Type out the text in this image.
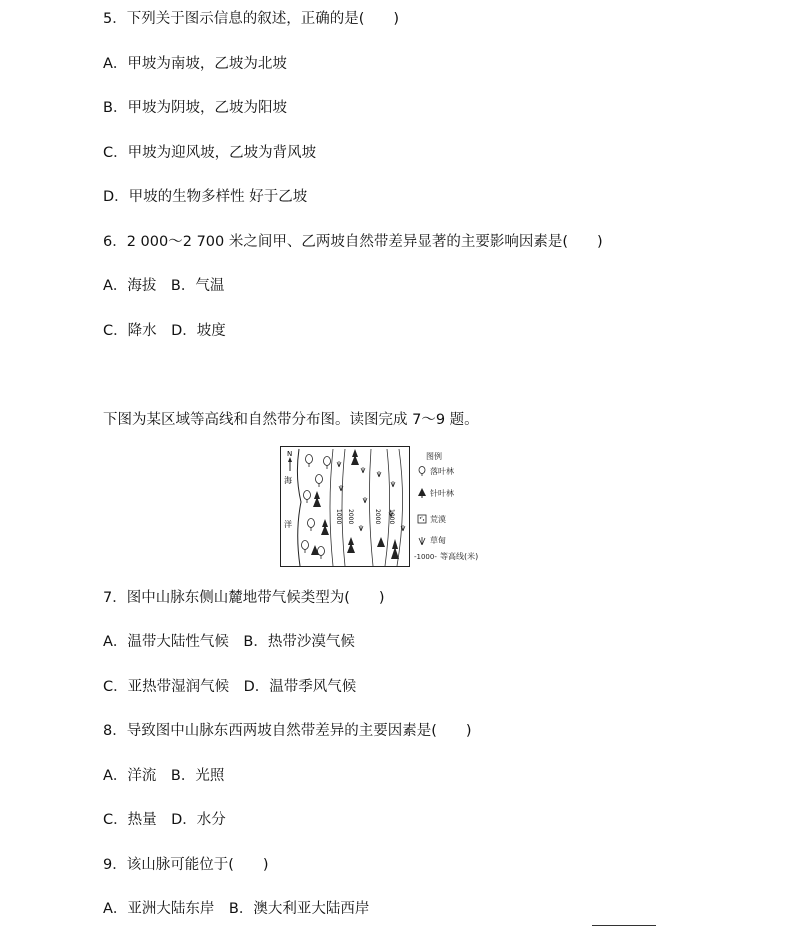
5．下列关于图示信息的叙述，正确的是(　　)
A．甲坡为南坡，乙坡为北坡
B．甲坡为阴坡，乙坡为阳坡
C．甲坡为迎风坡，乙坡为背风坡
D．甲坡的生物多样性 好于乙坡
6．2 000～2 700 米之间甲、乙两坡自然带差异显著的主要影响因素是(　　)
A．海拔　B．气温
C．降水　D．坡度
下图为某区域等高线和自然带分布图。读图完成 7～9 题。
N
海
洋
1000 2000	2000 1000
图例
落叶林
针叶林
荒漠
草甸
-1000- 等高线(米)
7．图中山脉东侧山麓地带气候类型为(　　)
A．温带大陆性气候　B．热带沙漠气候
C．亚热带湿润气候　D．温带季风气候
8．导致图中山脉东西两坡自然带差异的主要因素是(　　)
A．洋流　B．光照
C．热量　D．水分
9．该山脉可能位于(　　)
A．亚洲大陆东岸　B．澳大利亚大陆西岸
